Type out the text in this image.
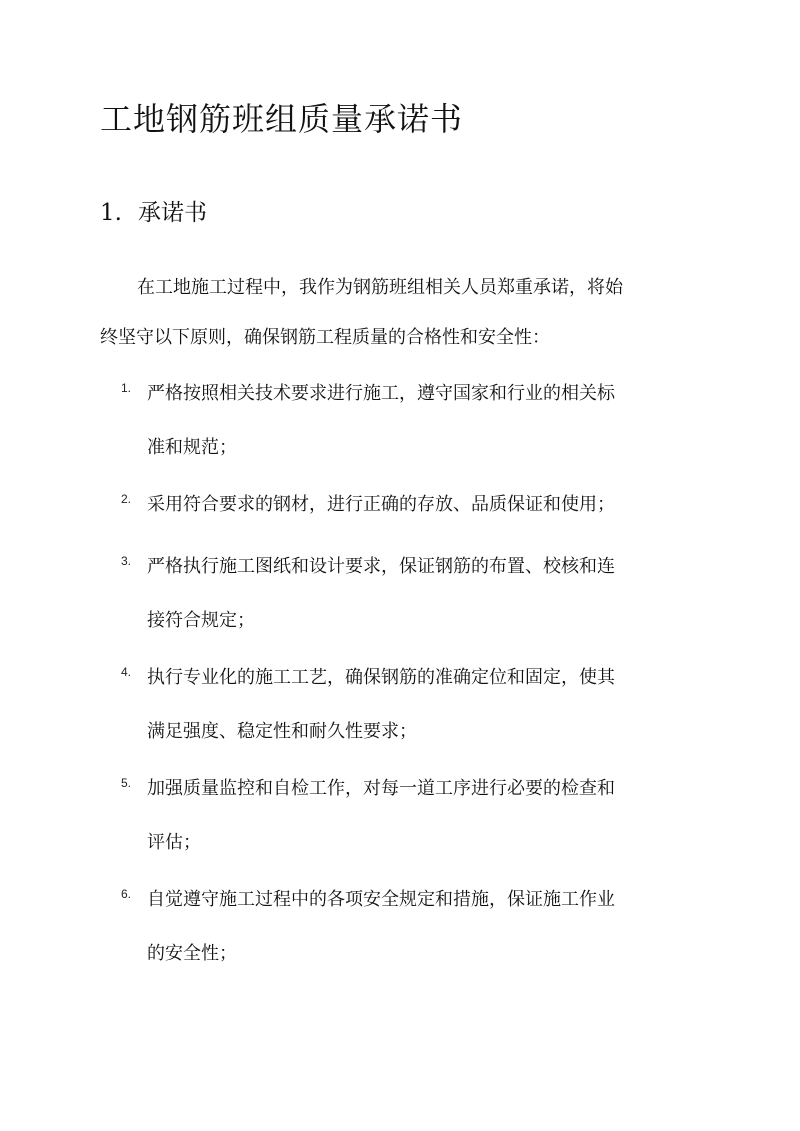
工地钢筋班组质量承诺书
1. 承诺书

在工地施工过程中，我作为钢筋班组相关人员郑重承诺，将始
终坚守以下原则，确保钢筋工程质量的合格性和安全性：

1. 严格按照相关技术要求进行施工，遵守国家和行业的相关标
准和规范；

2. 采用符合要求的钢材，进行正确的存放、品质保证和使用；

3. 严格执行施工图纸和设计要求，保证钢筋的布置、校核和连
接符合规定；

4. 执行专业化的施工工艺，确保钢筋的准确定位和固定，使其
满足强度、稳定性和耐久性要求；

5. 加强质量监控和自检工作，对每一道工序进行必要的检查和
评估；

6. 自觉遵守施工过程中的各项安全规定和措施，保证施工作业
的安全性；
